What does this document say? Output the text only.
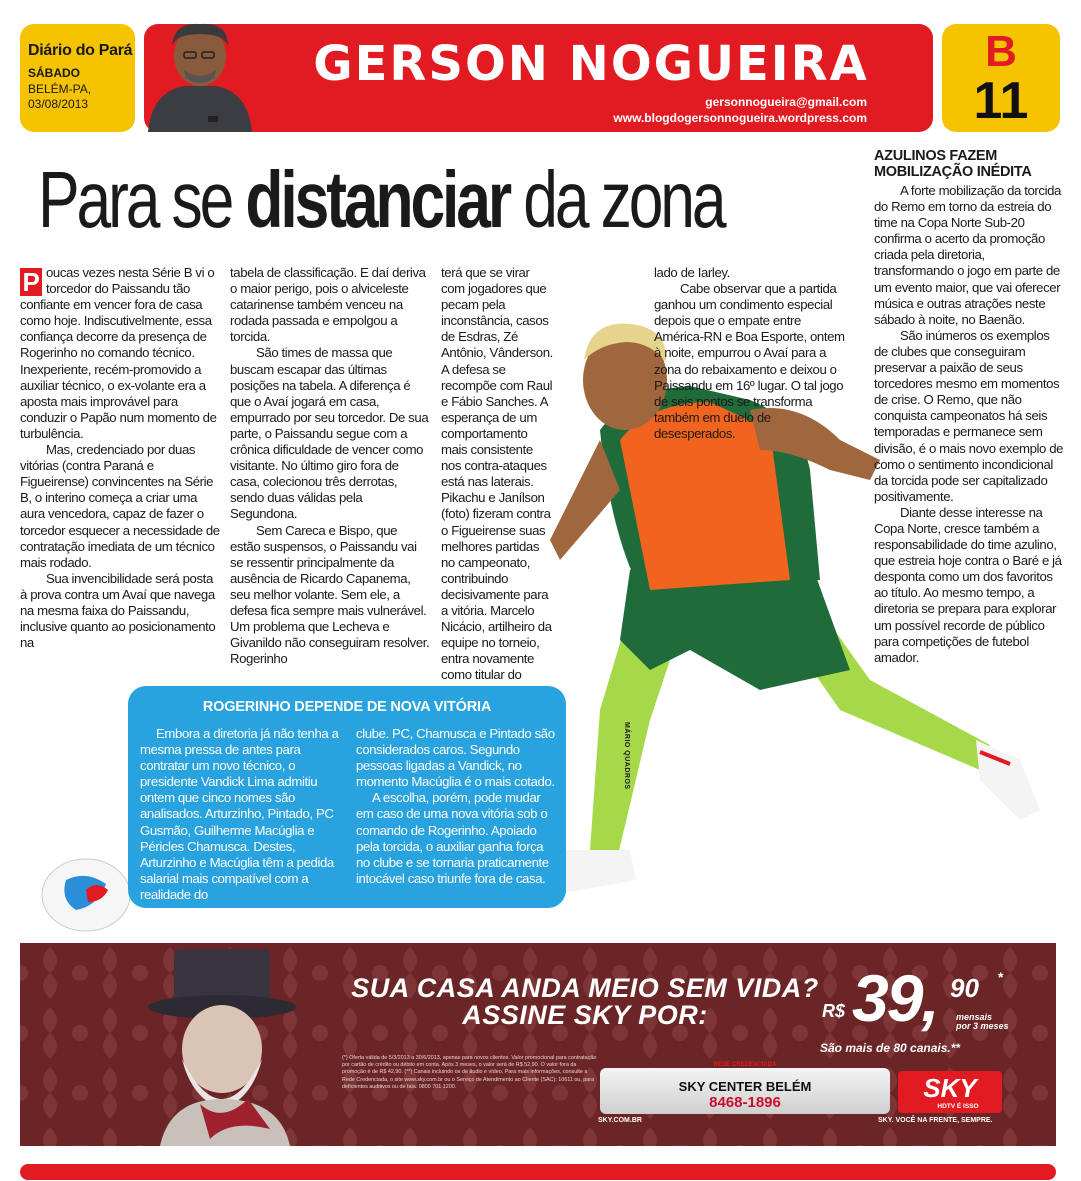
Diário do Pará
SÁBADO
BELÉM-PA,
03/08/2013
GERSON NOGUEIRA
gersonnogueira@gmail.com
www.blogdogersonnogueira.wordpress.com
B
11
Para se distanciar da zona

P oucas vezes nesta Série B vi o torcedor do Paissandu tão confiante em vencer fora de casa como hoje. Indiscutivelmente, essa confiança decorre da presença de Rogerinho no comando técnico. Inexperiente, recém-promovido a auxiliar técnico, o ex-volante era a aposta mais improvável para conduzir o Papão num momento de turbulência.

Mas, credenciado por duas vitórias (contra Paraná e Figueirense) convincentes na Série B, o interino começa a criar uma aura vencedora, capaz de fazer o torcedor esquecer a necessidade de contratação imediata de um técnico mais rodado.

Sua invencibilidade será posta à prova contra um Avaí que navega na mesma faixa do Paissandu, inclusive quanto ao posicionamento na

tabela de classificação. E daí deriva o maior perigo, pois o alviceleste catarinense também venceu na rodada passada e empolgou a torcida.

São times de massa que buscam escapar das últimas posições na tabela. A diferença é que o Avaí jogará em casa, empurrado por seu torcedor. De sua parte, o Paissandu segue com a crônica dificuldade de vencer como visitante. No último giro fora de casa, colecionou três derrotas, sendo duas válidas pela Segundona.

Sem Careca e Bispo, que estão suspensos, o Paissandu vai se ressentir principalmente da ausência de Ricardo Capanema, seu melhor volante. Sem ele, a defesa fica sempre mais vulnerável. Um problema que Lecheva e Givanildo não conseguiram resolver. Rogerinho

terá que se virar com jogadores que pecam pela inconstância, casos de Esdras, Zé Antônio, Vânderson. A defesa se recompõe com Raul e Fábio Sanches. A esperança de um comportamento mais consistente nos contra-ataques está nas laterais. Pikachu e Janílson (foto) fizeram contra o Figueirense suas melhores partidas no campeonato, contribuindo decisivamente para a vitória. Marcelo Nicácio, artilheiro da equipe no torneio, entra novamente como titular do

lado de Iarley.

Cabe observar que a partida ganhou um condimento especial depois que o empate entre América-RN e Boa Esporte, ontem à noite, empurrou o Avaí para a zona do rebaixamento e deixou o Paissandu em 16º lugar. O tal jogo de seis pontos se transforma também em duelo de desesperados.

MÁRIO QUADROS
AZULINOS FAZEM MOBILIZAÇÃO INÉDITA

A forte mobilização da torcida do Remo em torno da estreia do time na Copa Norte Sub-20 confirma o acerto da promoção criada pela diretoria, transformando o jogo em parte de um evento maior, que vai oferecer música e outras atrações neste sábado à noite, no Baenão.

São inúmeros os exemplos de clubes que conseguiram preservar a paixão de seus torcedores mesmo em momentos de crise. O Remo, que não conquista campeonatos há seis temporadas e permanece sem divisão, é o mais novo exemplo de como o sentimento incondicional da torcida pode ser capitalizado positivamente.

Diante desse interesse na Copa Norte, cresce também a responsabilidade do time azulino, que estreia hoje contra o Baré e já desponta como um dos favoritos ao título. Ao mesmo tempo, a diretoria se prepara para explorar um possível recorde de público para competições de futebol amador.

ROGERINHO DEPENDE DE NOVA VITÓRIA

Embora a diretoria já não tenha a mesma pressa de antes para contratar um novo técnico, o presidente Vandick Lima admitiu ontem que cinco nomes são analisados. Arturzinho, Pintado, PC Gusmão, Guilherme Macúglia e Péricles Chamusca. Destes, Arturzinho e Macúglia têm a pedida salarial mais compatível com a realidade do

clube. PC, Chamusca e Pintado são considerados caros. Segundo pessoas ligadas a Vandick, no momento Macúglia é o mais cotado.

A escolha, porém, pode mudar em caso de uma nova vitória sob o comando de Rogerinho. Apoiado pela torcida, o auxiliar ganha força no clube e se tornaria praticamente intocável caso triunfe fora de casa.

SUA CASA ANDA MEIO SEM VIDA?
ASSINE SKY POR:	R$ 39, 90 *
mensais
por 3 meses
São mais de 80 canais.**
(*) Oferta válida de 5/3/2013 a 30/6/2013, apenas para novos clientes. Valor promocional para contratação por cartão de crédito ou débito em conta. Após 3 meses, o valor será de R$ 52,90. O valor fora da promoção é de R$ 42,90. (**) Canais incluindo os de áudio e vídeo. Para mais informações, consulte a Rede Credenciada, o site www.sky.com.br ou o Serviço de Atendimento ao Cliente (SAC): 10611 ou, para deficientes auditivos ou de fala: 0800 701 1200.
REDE CREDENCIADA
SKY CENTER BELÉM
8468-1896	SKY
HDTV É ISSO
SKY.COM.BR	SKY. VOCÊ NA FRENTE, SEMPRE.
